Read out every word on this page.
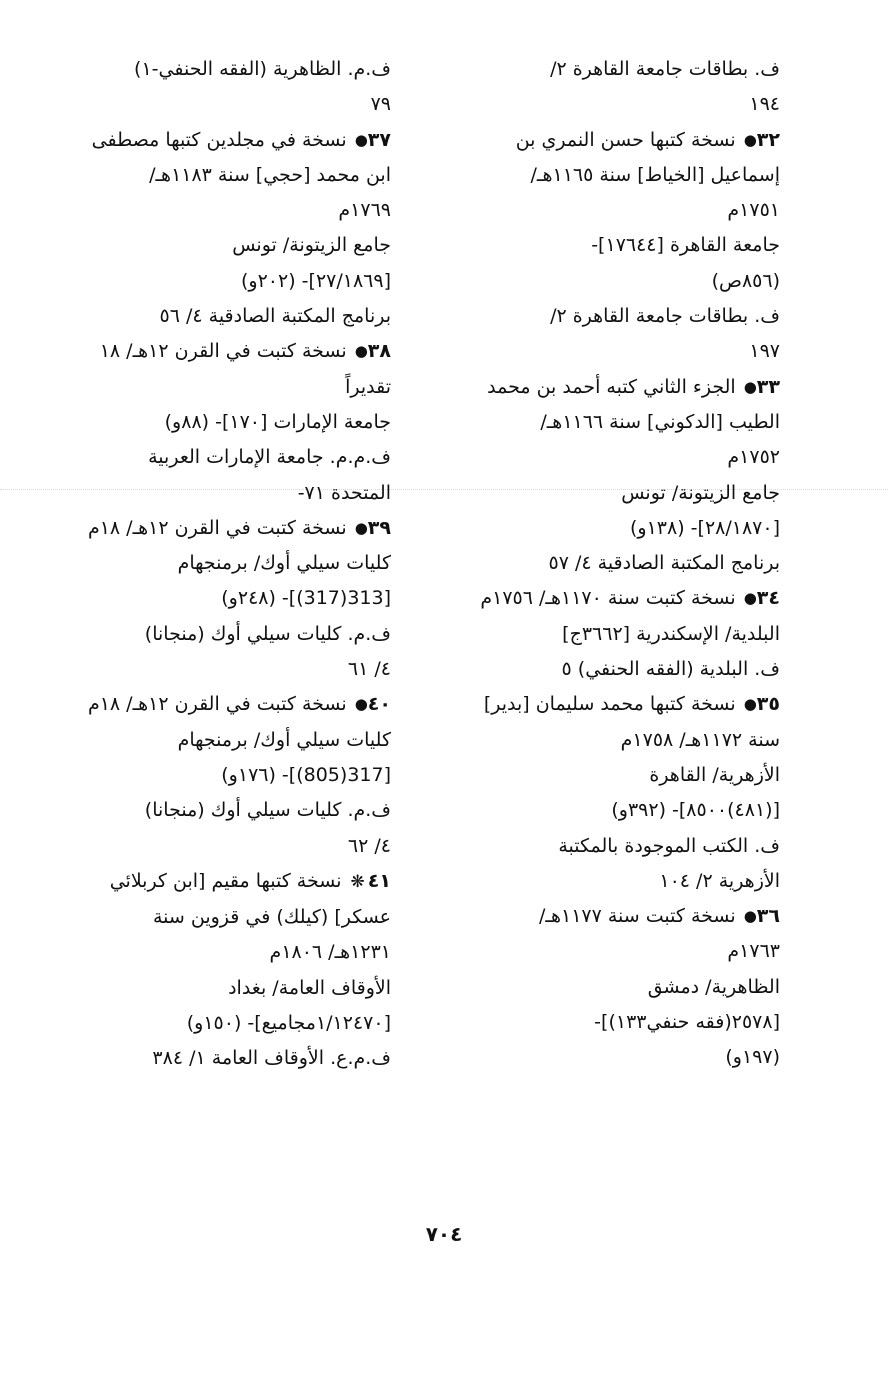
ف. بطاقات جامعة القاهرة ٢/
١٩٤
٣٢● نسخة كتبها حسن النمري بن
إسماعيل [الخياط] سنة ١١٦٥هـ/
١٧٥١م
جامعة القاهرة [١٧٦٤٤]-
(٨٥٦ص)
ف. بطاقات جامعة القاهرة ٢/
١٩٧
٣٣● الجزء الثاني كتبه أحمد بن محمد
الطيب [الدكوني] سنة ١١٦٦هـ/
١٧٥٢م
جامع الزيتونة/ تونس
[٢٨/١٨٧٠]- (١٣٨و)
برنامج المكتبة الصادقية ٤/ ٥٧
٣٤● نسخة كتبت سنة ١١٧٠هـ/ ١٧٥٦م
البلدية/ الإسكندرية [٣٦٦٢ج]
ف. البلدية (الفقه الحنفي) ٥
٣٥● نسخة كتبها محمد سليمان [بدير]
سنة ١١٧٢هـ/ ١٧٥٨م
الأزهرية/ القاهرة
[(٤٨١)٨٥٠٠]- (٣٩٢و)
ف. الكتب الموجودة بالمكتبة
الأزهرية ٢/ ١٠٤
٣٦● نسخة كتبت سنة ١١٧٧هـ/
١٧٦٣م
الظاهرية/ دمشق
[٢٥٧٨(فقه حنفي١٣٣)]-
(١٩٧و)
ف.م. الظاهرية (الفقه الحنفي-١)
٧٩
٣٧● نسخة في مجلدين كتبها مصطفى
ابن محمد [حجي] سنة ١١٨٣هـ/
١٧٦٩م
جامع الزيتونة/ تونس
[٢٧/١٨٦٩]- (٢٠٢و)
برنامج المكتبة الصادقية ٤/ ٥٦
٣٨● نسخة كتبت في القرن ١٢هـ/ ١٨
تقديراً
جامعة الإمارات [١٧٠]- (٨٨و)
ف.م.م. جامعة الإمارات العربية
المتحدة ٧١-
٣٩● نسخة كتبت في القرن ١٢هـ/ ١٨م
كليات سيلي أوك/ برمنجهام
[313(317)]- (٢٤٨و)
ف.م. كليات سيلي أوك (منجانا)
٤/ ٦١
٤٠● نسخة كتبت في القرن ١٢هـ/ ١٨م
كليات سيلي أوك/ برمنجهام
[317(805)]- (١٧٦و)
ف.م. كليات سيلي أوك (منجانا)
٤/ ٦٢
٤١❋ نسخة كتبها مقيم [ابن كربلائي
عسكر] (كيلك) في قزوين سنة
١٢٣١هـ/ ١٨٠٦م
الأوقاف العامة/ بغداد
[١/١٢٤٧٠مجاميع]- (١٥٠و)
ف.م.ع. الأوقاف العامة ١/ ٣٨٤
٧٠٤
